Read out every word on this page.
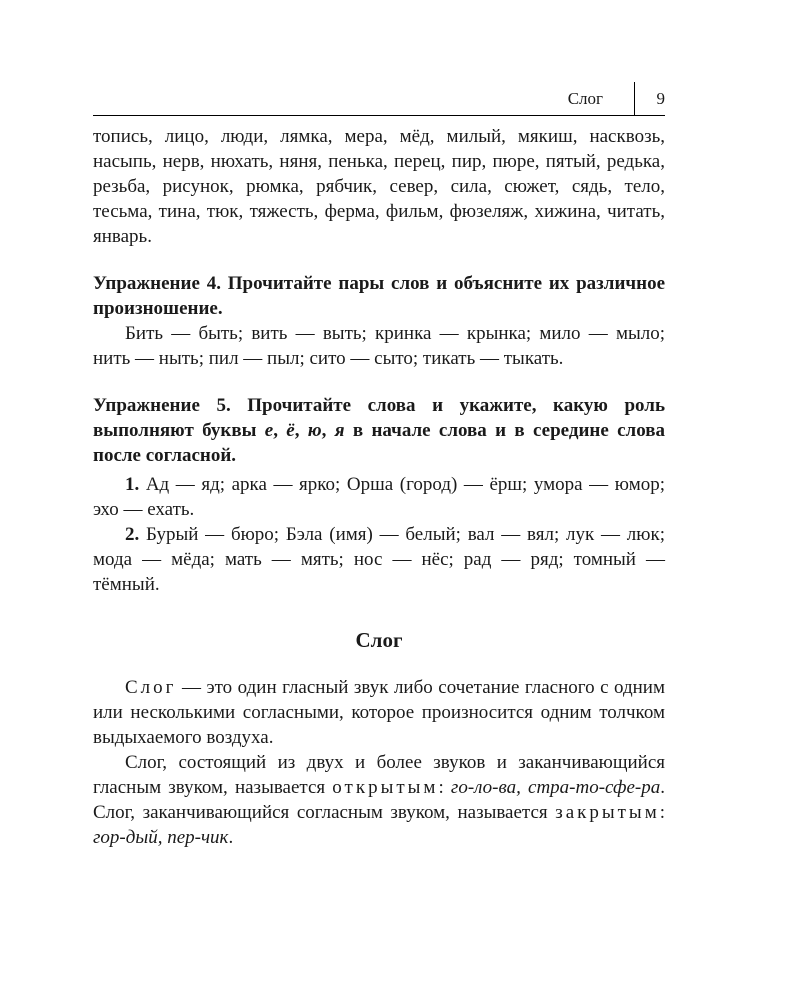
Слог	9

топись, лицо, люди, лямка, мера, мёд, милый, мякиш, насквозь, насыпь, нерв, нюхать, няня, пенька, перец, пир, пюре, пятый, редька, резьба, рисунок, рюмка, рябчик, север, сила, сюжет, сядь, тело, тесьма, тина, тюк, тяжесть, ферма, фильм, фюзеляж, хижина, читать, январь.

Упражнение 4. Прочитайте пары слов и объясните их различное произношение.

Бить — быть; вить — выть; кринка — крынка; мило — мыло; нить — ныть; пил — пыл; сито — сыто; тикать — тыкать.

Упражнение 5. Прочитайте слова и укажите, какую роль выполняют буквы е, ё, ю, я в начале слова и в середине слова после согласной.

1. Ад — яд; арка — ярко; Орша (город) — ёрш; умора — юмор; эхо — ехать.

2. Бурый — бюро; Бэла (имя) — белый; вал — вял; лук — люк; мода — мёда; мать — мять; нос — нёс; рад — ряд; томный — тёмный.

Слог

Слог — это один гласный звук либо сочетание гласного с одним или несколькими согласными, которое произносится одним толчком выдыхаемого воздуха.

Слог, состоящий из двух и более звуков и заканчивающийся гласным звуком, называется открытым: го-ло-ва, стра-то-сфе-ра. Слог, заканчивающийся согласным звуком, называется закрытым: гор-дый, пер-чик.
